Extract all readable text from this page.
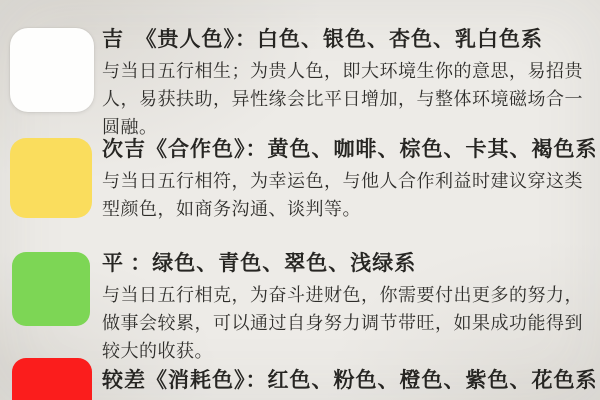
吉　《贵人色》：白色、银色、杏色、乳白色系
与当日五行相生；为贵人色，即大环境生你的意思，易招贵人，易获扶助，异性缘会比平日增加，与整体环境磁场合一圆融。
次吉《合作色》：黄色、咖啡、棕色、卡其、褐色系
与当日五行相符，为幸运色，与他人合作利益时建议穿这类型颜色，如商务沟通、谈判等。
平 ：绿色、青色、翠色、浅绿系
与当日五行相克，为奋斗进财色，你需要付出更多的努力，做事会较累，可以通过自身努力调节带旺，如果成功能得到较大的收获。
较差《消耗色》：红色、粉色、橙色、紫色、花色系
